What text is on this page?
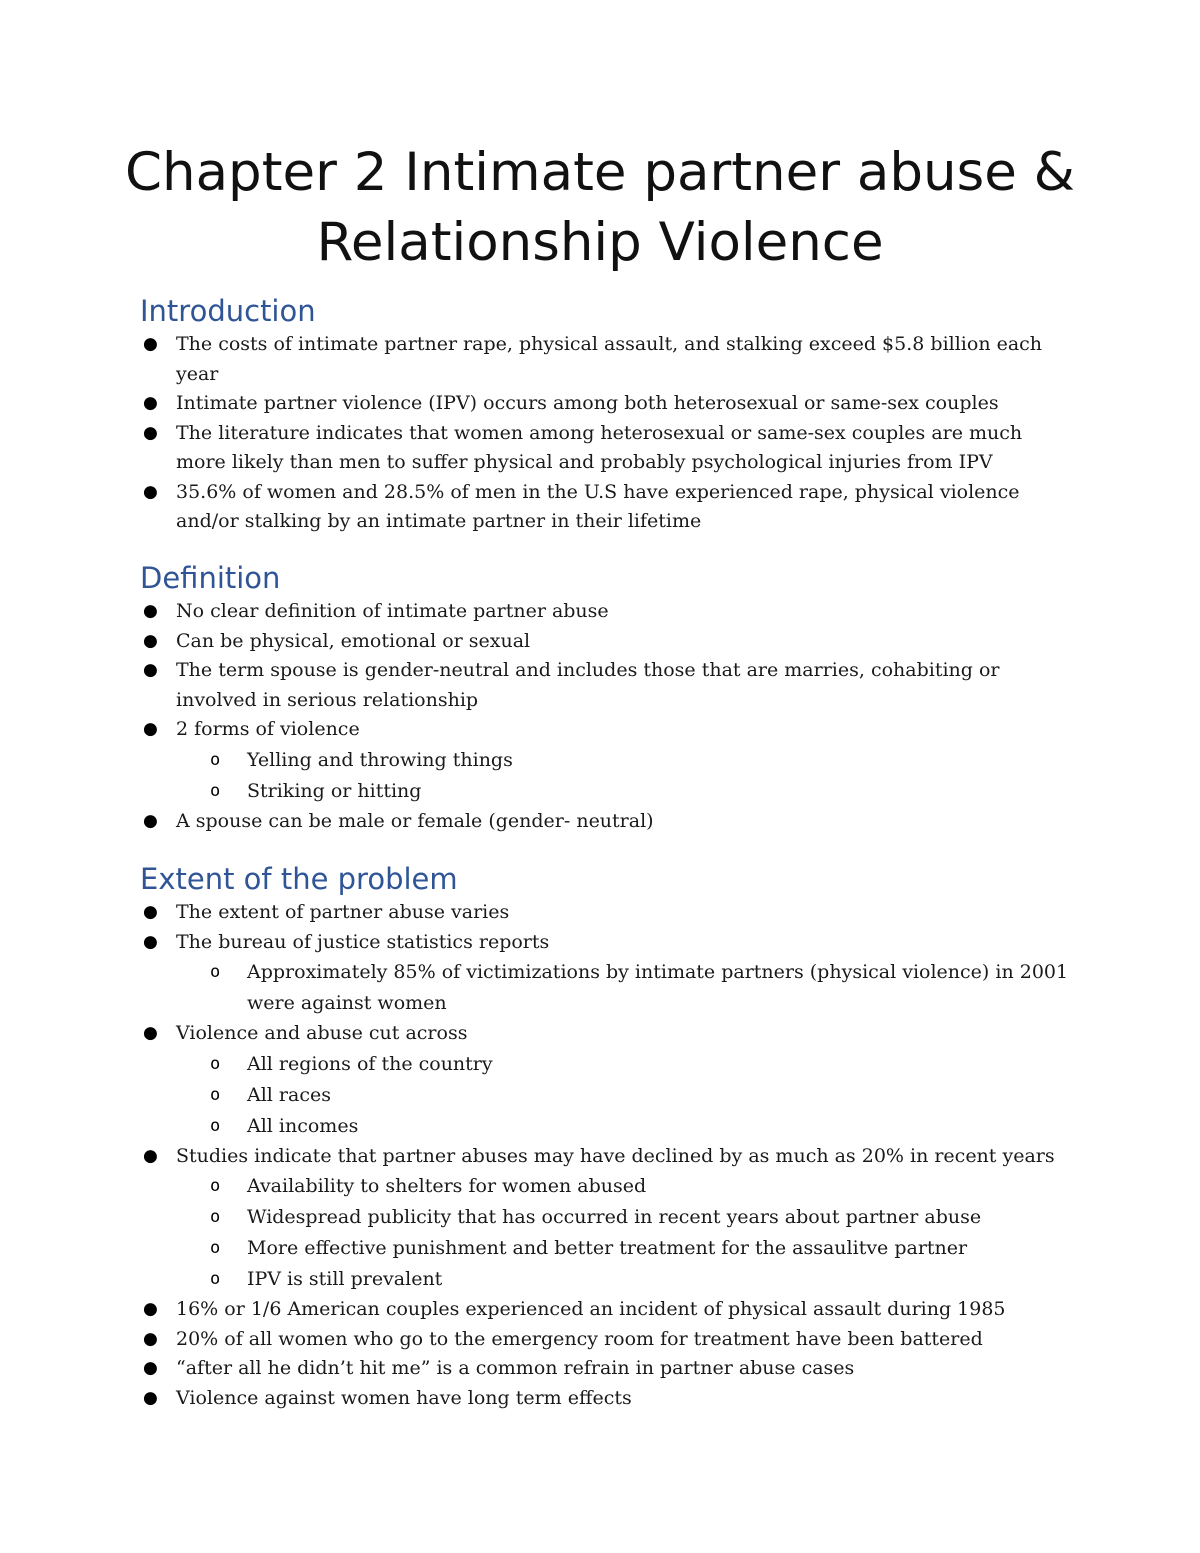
Chapter 2 Intimate partner abuse & Relationship Violence
Introduction
● The costs of intimate partner rape, physical assault, and stalking exceed $5.8 billion each year
● Intimate partner violence (IPV) occurs among both heterosexual or same-sex couples
● The literature indicates that women among heterosexual or same-sex couples are much more likely than men to suffer physical and probably psychological injuries from IPV
● 35.6% of women and 28.5% of men in the U.S have experienced rape, physical violence and/or stalking by an intimate partner in their lifetime
Definition
● No clear definition of intimate partner abuse
● Can be physical, emotional or sexual
● The term spouse is gender-neutral and includes those that are marries, cohabiting or involved in serious relationship
● 2 forms of violence
o Yelling and throwing things
o Striking or hitting
● A spouse can be male or female (gender- neutral)
Extent of the problem
● The extent of partner abuse varies
● The bureau of justice statistics reports
o Approximately 85% of victimizations by intimate partners (physical violence) in 2001 were against women
● Violence and abuse cut across
o All regions of the country
o All races
o All incomes
● Studies indicate that partner abuses may have declined by as much as 20% in recent years
o Availability to shelters for women abused
o Widespread publicity that has occurred in recent years about partner abuse
o More effective punishment and better treatment for the assaulitve partner
o IPV is still prevalent
● 16% or 1/6 American couples experienced an incident of physical assault during 1985
● 20% of all women who go to the emergency room for treatment have been battered
● “after all he didn’t hit me” is a common refrain in partner abuse cases
● Violence against women have long term effects
